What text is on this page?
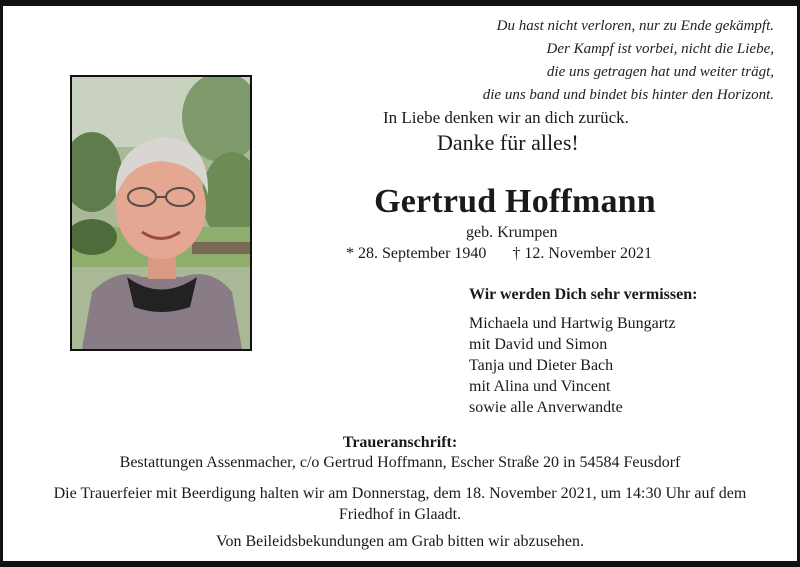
Du hast nicht verloren, nur zu Ende gekämpft.
Der Kampf ist vorbei, nicht die Liebe,
die uns getragen hat und weiter trägt,
die uns band und bindet bis hinter den Horizont.
In Liebe denken wir an dich zurück.
Danke für alles!
Gertrud Hoffmann
geb. Krumpen
* 28. September 1940 † 12. November 2021
Wir werden Dich sehr vermissen:
Michaela und Hartwig Bungartz
mit David und Simon
Tanja und Dieter Bach
mit Alina und Vincent
sowie alle Anverwandte
Traueranschrift:
Bestattungen Assenmacher, c/o Gertrud Hoffmann, Escher Straße 20 in 54584 Feusdorf
Die Trauerfeier mit Beerdigung halten wir am Donnerstag, dem 18. November 2021, um 14:30 Uhr auf dem Friedhof in Glaadt.
Von Beileidsbekundungen am Grab bitten wir abzusehen.
